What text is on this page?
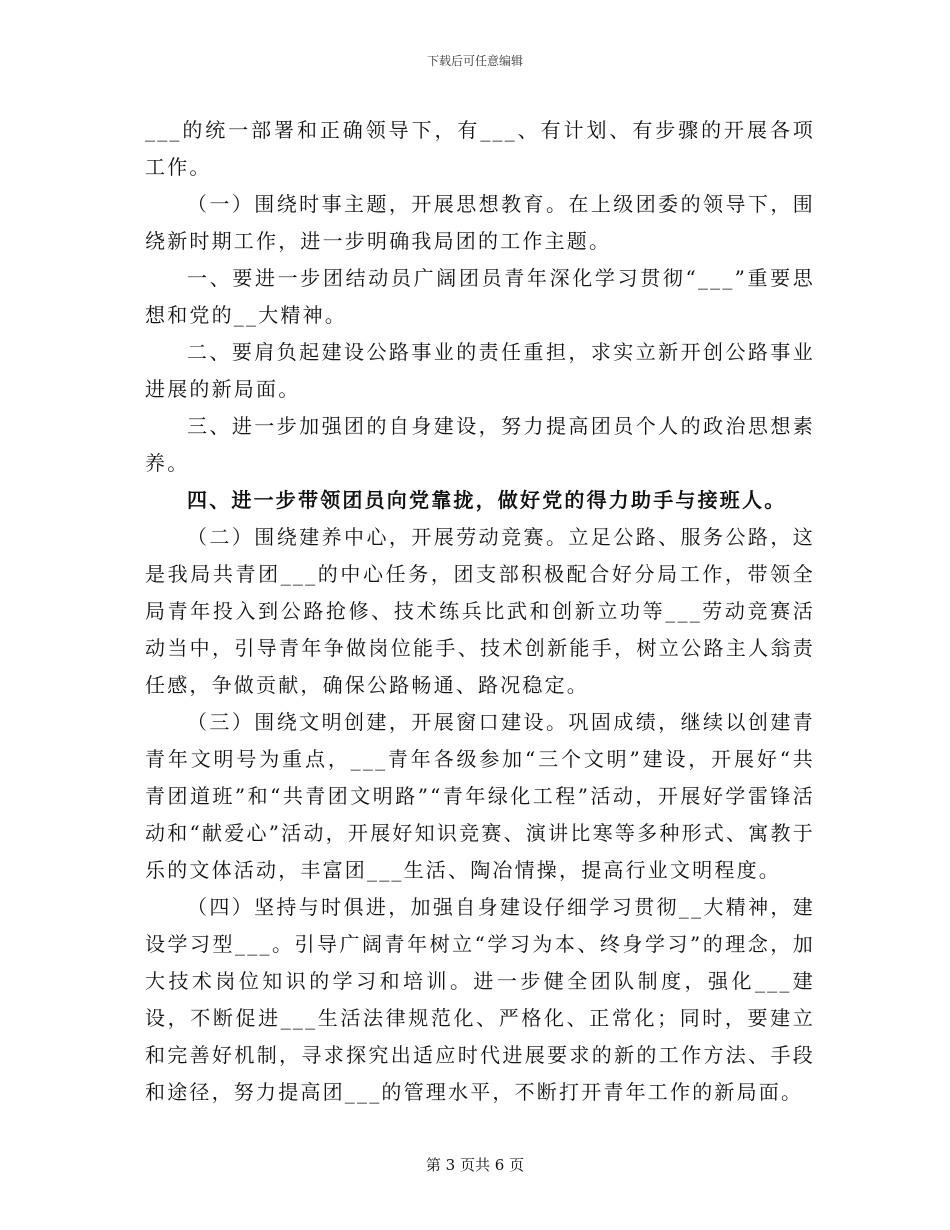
下载后可任意编辑

___的统一部署和正确领导下，有___、有计划、有步骤的开展各项工作。

（一）围绕时事主题，开展思想教育。在上级团委的领导下，围绕新时期工作，进一步明确我局团的工作主题。

一、要进一步团结动员广阔团员青年深化学习贯彻“___”重要思想和党的__大精神。

二、要肩负起建设公路事业的责任重担，求实立新开创公路事业进展的新局面。

三、进一步加强团的自身建设，努力提高团员个人的政治思想素养。

四、进一步带领团员向党靠拢，做好党的得力助手与接班人。

（二）围绕建养中心，开展劳动竞赛。立足公路、服务公路，这是我局共青团___的中心任务，团支部积极配合好分局工作，带领全局青年投入到公路抢修、技术练兵比武和创新立功等___劳动竞赛活动当中，引导青年争做岗位能手、技术创新能手，树立公路主人翁责任感，争做贡献，确保公路畅通、路况稳定。

（三）围绕文明创建，开展窗口建设。巩固成绩，继续以创建青青年文明号为重点，___青年各级参加“三个文明”建设，开展好“共青团道班”和“共青团文明路”“青年绿化工程”活动，开展好学雷锋活动和“献爱心”活动，开展好知识竞赛、演讲比寒等多种形式、寓教于乐的文体活动，丰富团___生活、陶冶情操，提高行业文明程度。

（四）坚持与时俱进，加强自身建设仔细学习贯彻__大精神，建设学习型___。引导广阔青年树立“学习为本、终身学习”的理念，加大技术岗位知识的学习和培训。进一步健全团队制度，强化___建设，不断促进___生活法律规范化、严格化、正常化；同时，要建立和完善好机制，寻求探究出适应时代进展要求的新的工作方法、手段和途径，努力提高团___的管理水平，不断打开青年工作的新局面。

第 3 页共 6 页
